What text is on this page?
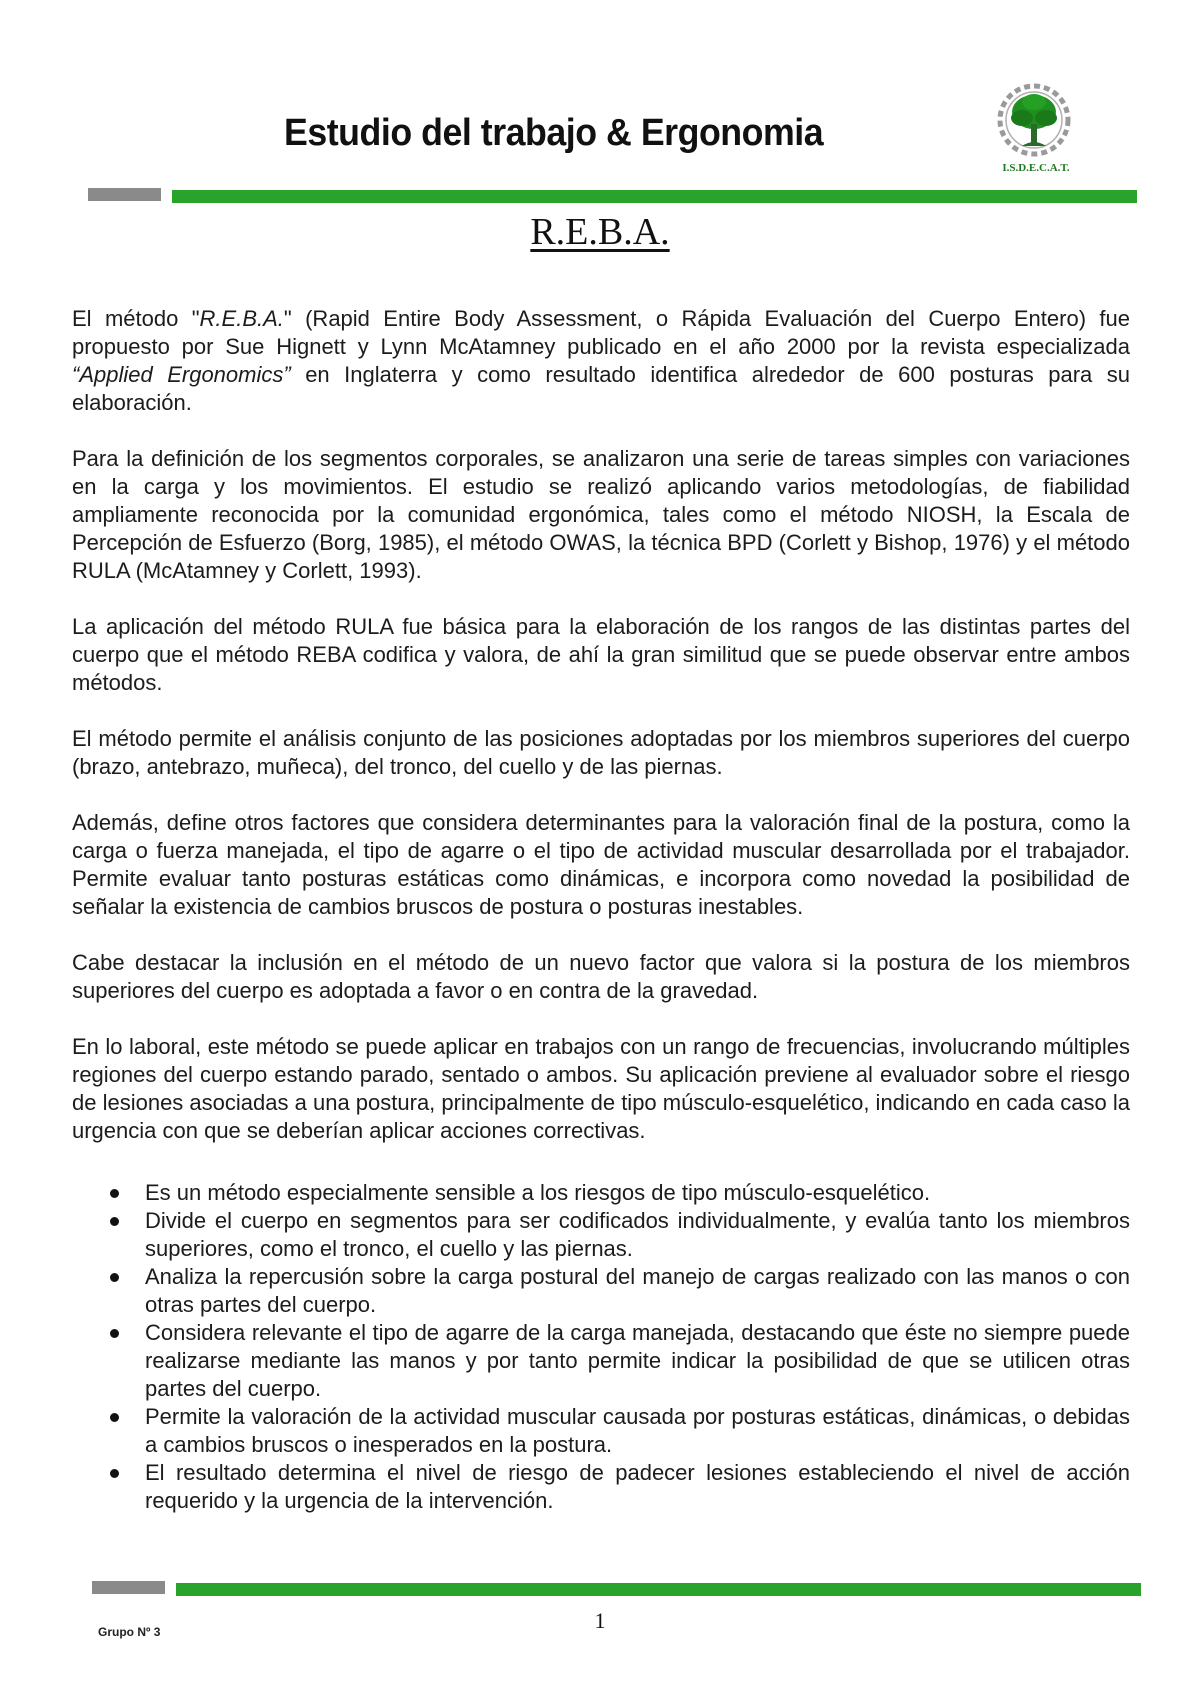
Estudio del trabajo & Ergonomia
I.S.D.E.C.A.T.
R.E.B.A.

El método "R.E.B.A." (Rapid Entire Body Assessment, o Rápida Evaluación del Cuerpo Entero) fue propuesto por Sue Hignett y Lynn McAtamney publicado en el año 2000 por la revista especializada “Applied Ergonomics” en Inglaterra y como resultado identifica alrededor de 600 posturas para su elaboración.

Para la definición de los segmentos corporales, se analizaron una serie de tareas simples con variaciones en la carga y los movimientos. El estudio se realizó aplicando varios metodologías, de fiabilidad ampliamente reconocida por la comunidad ergonómica, tales como el método NIOSH, la Escala de Percepción de Esfuerzo (Borg, 1985), el método OWAS, la técnica BPD (Corlett y Bishop, 1976) y el método RULA (McAtamney y Corlett, 1993).

La aplicación del método RULA fue básica para la elaboración de los rangos de las distintas partes del cuerpo que el método REBA codifica y valora, de ahí la gran similitud que se puede observar entre ambos métodos.

El método permite el análisis conjunto de las posiciones adoptadas por los miembros superiores del cuerpo (brazo, antebrazo, muñeca), del tronco, del cuello y de las piernas.

Además, define otros factores que considera determinantes para la valoración final de la postura, como la carga o fuerza manejada, el tipo de agarre o el tipo de actividad muscular desarrollada por el trabajador. Permite evaluar tanto posturas estáticas como dinámicas, e incorpora como novedad la posibilidad de señalar la existencia de cambios bruscos de postura o posturas inestables.

Cabe destacar la inclusión en el método de un nuevo factor que valora si la postura de los miembros superiores del cuerpo es adoptada a favor o en contra de la gravedad.

En lo laboral, este método se puede aplicar en trabajos con un rango de frecuencias, involucrando múltiples regiones del cuerpo estando parado, sentado o ambos. Su aplicación previene al evaluador sobre el riesgo de lesiones asociadas a una postura, principalmente de tipo músculo-esquelético, indicando en cada caso la urgencia con que se deberían aplicar acciones correctivas.

Es un método especialmente sensible a los riesgos de tipo músculo-esquelético.
Divide el cuerpo en segmentos para ser codificados individualmente, y evalúa tanto los miembros superiores, como el tronco, el cuello y las piernas.
Analiza la repercusión sobre la carga postural del manejo de cargas realizado con las manos o con otras partes del cuerpo.
Considera relevante el tipo de agarre de la carga manejada, destacando que éste no siempre puede realizarse mediante las manos y por tanto permite indicar la posibilidad de que se utilicen otras partes del cuerpo.
Permite la valoración de la actividad muscular causada por posturas estáticas, dinámicas, o debidas a cambios bruscos o inesperados en la postura.
El resultado determina el nivel de riesgo de padecer lesiones estableciendo el nivel de acción requerido y la urgencia de la intervención.
1
Grupo Nº 3
